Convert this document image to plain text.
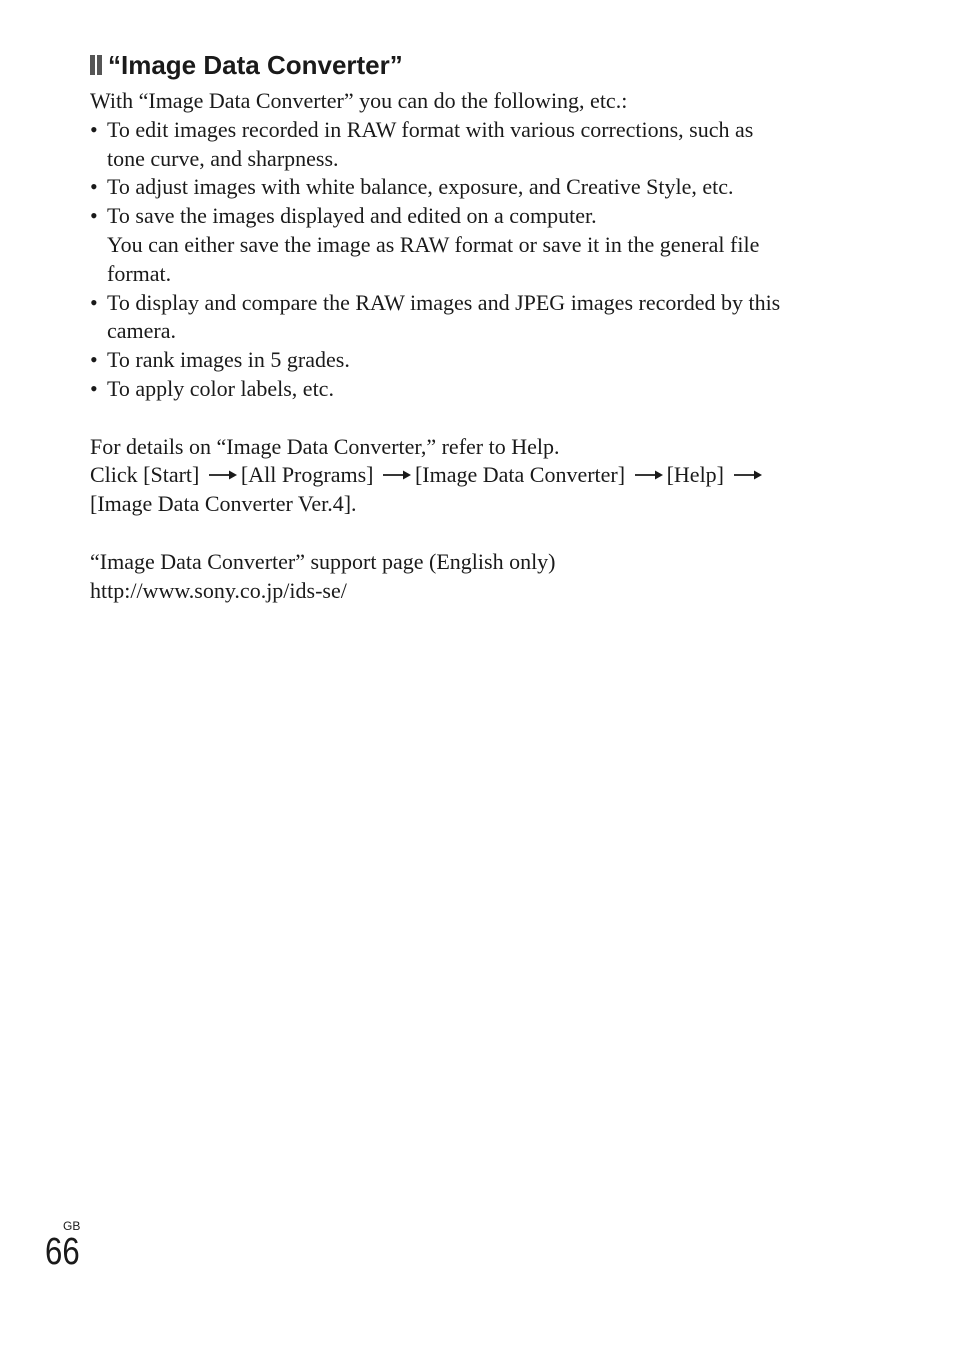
“Image Data Converter”

With “Image Data Converter” you can do the following, etc.:

• To edit images recorded in RAW format with various corrections, such as
tone curve, and sharpness.
• To adjust images with white balance, exposure, and Creative Style, etc.
• To save the images displayed and edited on a computer.
You can either save the image as RAW format or save it in the general file
format.
• To display and compare the RAW images and JPEG images recorded by this
camera.
• To rank images in 5 grades.
• To apply color labels, etc.

For details on “Image Data Converter,” refer to Help.

Click [Start] [All Programs] [Image Data Converter] [Help]
[Image Data Converter Ver.4].

“Image Data Converter” support page (English only)

http://www.sony.co.jp/ids-se/

GB
66
